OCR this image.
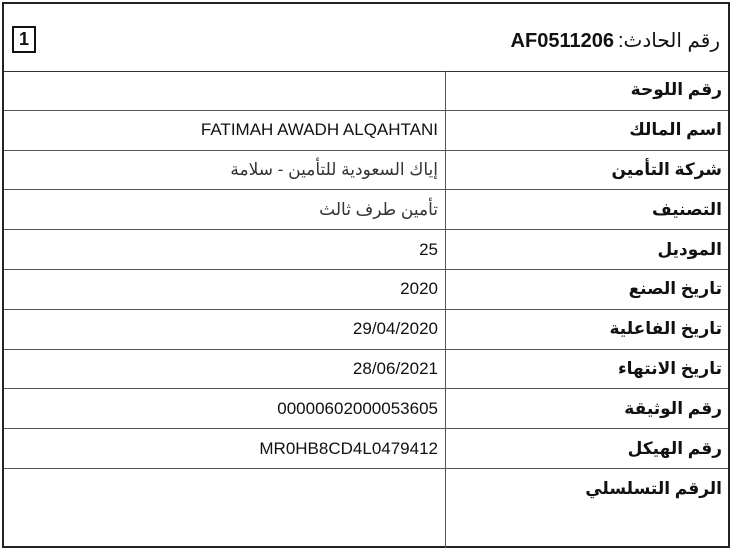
1	AF0511206 :رقم الحادث
رقم اللوحة
اسم المالك
FATIMAH AWADH ALQAHTANI
شركة التأمين
إياك السعودية للتأمين - سلامة
التصنيف
تأمين طرف ثالث
الموديل
25
تاريخ الصنع
2020
تاريخ الفاعلية
29/04/2020
تاريخ الانتهاء
28/06/2021
رقم الوثيقة
00000602000053605
رقم الهيكل
MR0HB8CD4L0479412
الرقم التسلسلي
